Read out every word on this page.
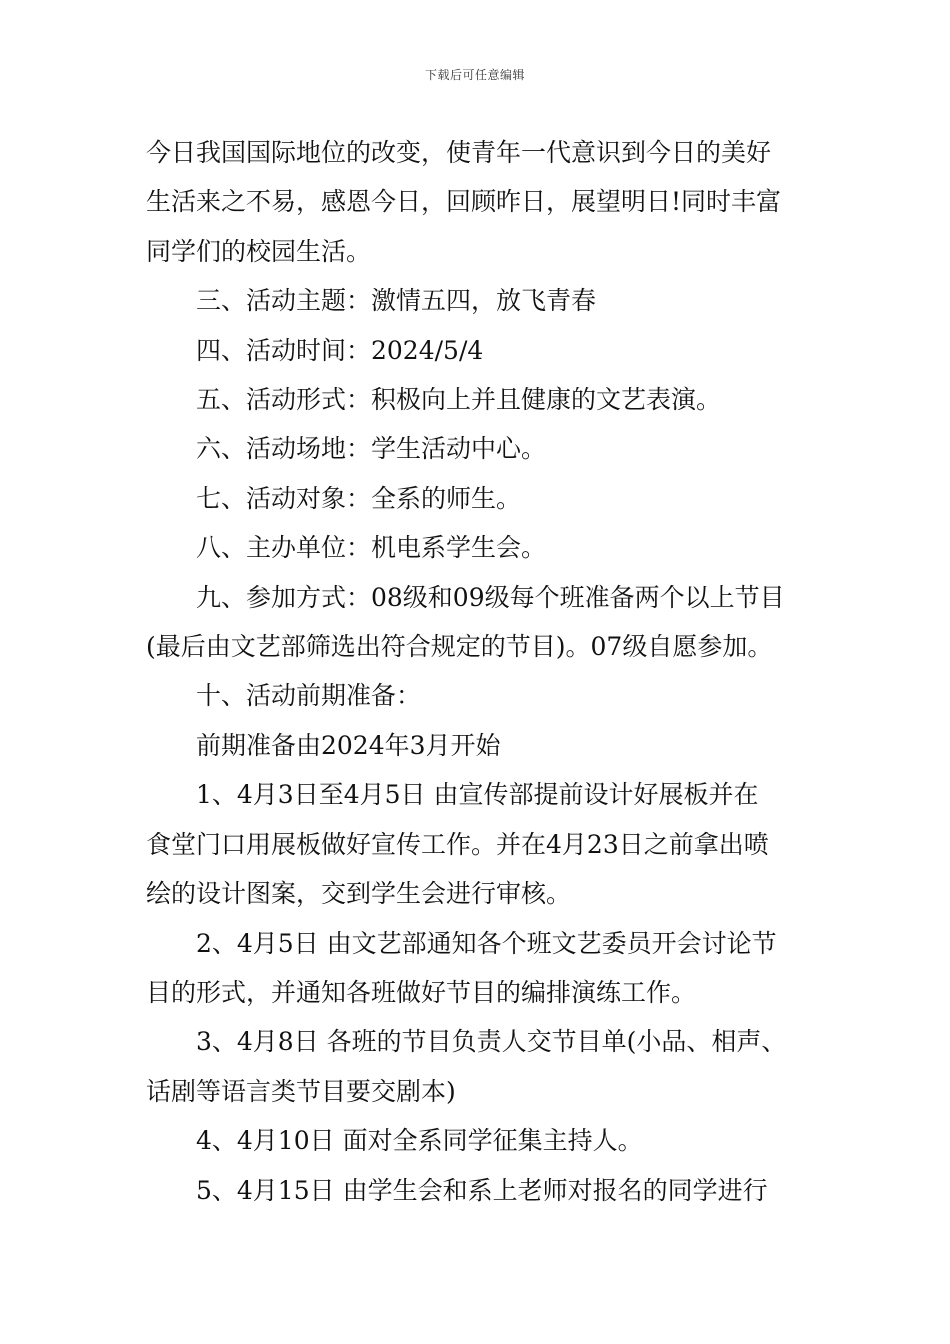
下载后可任意编辑

今日我国国际地位的改变，使青年一代意识到今日的美好
生活来之不易，感恩今日，回顾昨日，展望明日!同时丰富
同学们的校园生活。

三、活动主题：激情五四，放飞青春

四、活动时间：2024/5/4

五、活动形式：积极向上并且健康的文艺表演。

六、活动场地：学生活动中心。

七、活动对象：全系的师生。

八、主办单位：机电系学生会。

九、参加方式：08级和09级每个班准备两个以上节目
(最后由文艺部筛选出符合规定的节目)。07级自愿参加。

十、活动前期准备：

前期准备由2024年3月开始

1、4月3日至4月5日 由宣传部提前设计好展板并在
食堂门口用展板做好宣传工作。并在4月23日之前拿出喷
绘的设计图案，交到学生会进行审核。

2、4月5日 由文艺部通知各个班文艺委员开会讨论节
目的形式，并通知各班做好节目的编排演练工作。

3、4月8日 各班的节目负责人交节目单(小品、相声、
话剧等语言类节目要交剧本)

4、4月10日 面对全系同学征集主持人。

5、4月15日 由学生会和系上老师对报名的同学进行
